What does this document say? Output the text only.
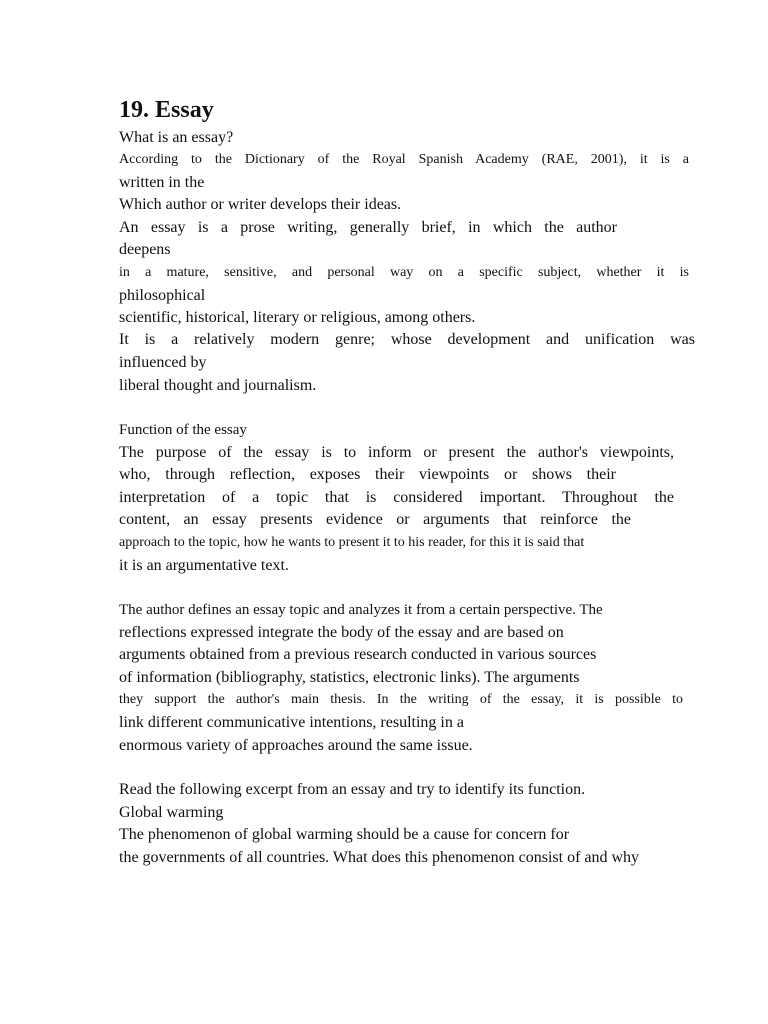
19. Essay
What is an essay?
According to the Dictionary of the Royal Spanish Academy (RAE, 2001), it is a
written in the
Which author or writer develops their ideas.
An essay is a prose writing, generally brief, in which the author
deepens
in a mature, sensitive, and personal way on a specific subject, whether it is
philosophical
scientific, historical, literary or religious, among others.
It is a relatively modern genre; whose development and unification was
influenced by
liberal thought and journalism.
Function of the essay
The purpose of the essay is to inform or present the author's viewpoints,
who, through reflection, exposes their viewpoints or shows their
interpretation of a topic that is considered important. Throughout the
content, an essay presents evidence or arguments that reinforce the
approach to the topic, how he wants to present it to his reader, for this it is said that
it is an argumentative text.
The author defines an essay topic and analyzes it from a certain perspective. The
reflections expressed integrate the body of the essay and are based on
arguments obtained from a previous research conducted in various sources
of information (bibliography, statistics, electronic links). The arguments
they support the author's main thesis. In the writing of the essay, it is possible to
link different communicative intentions, resulting in a
enormous variety of approaches around the same issue.
Read the following excerpt from an essay and try to identify its function.
Global warming
The phenomenon of global warming should be a cause for concern for
the governments of all countries. What does this phenomenon consist of and why
